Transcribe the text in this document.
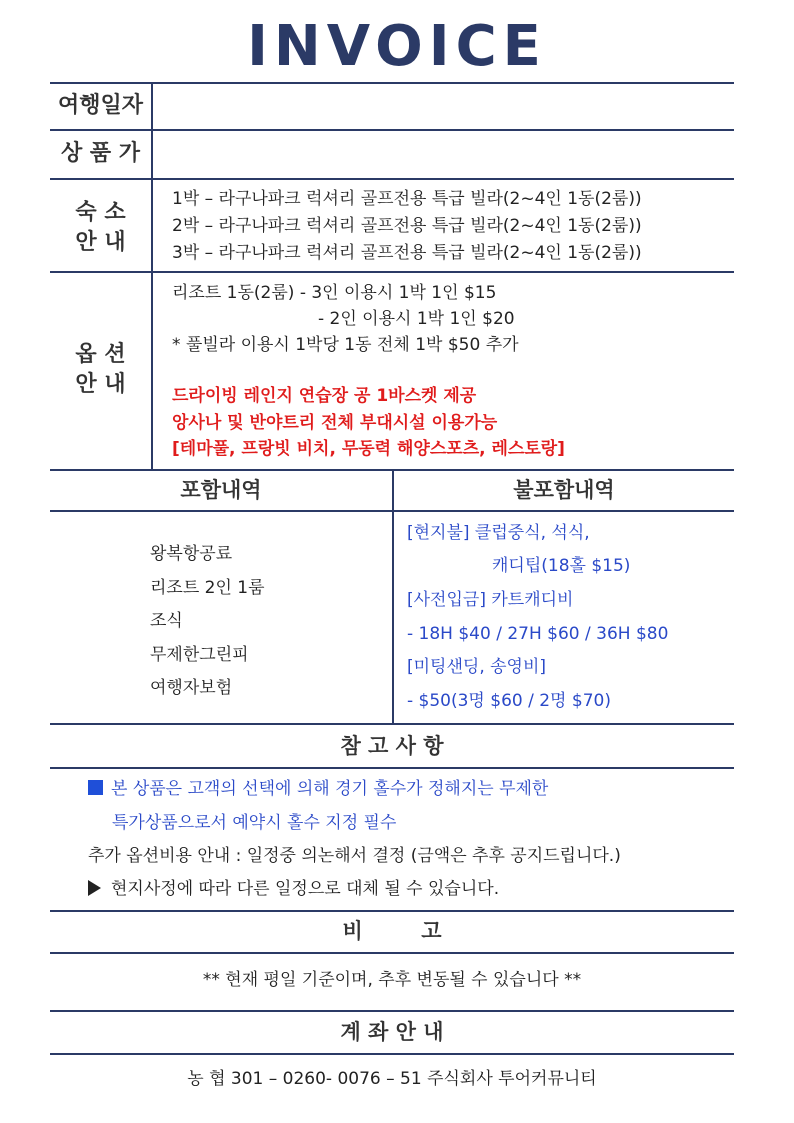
INVOICE
여행일자
상 품 가
숙 소
안 내
1박 – 라구나파크 럭셔리 골프전용 특급 빌라(2~4인 1동(2룸))
2박 – 라구나파크 럭셔리 골프전용 특급 빌라(2~4인 1동(2룸))
3박 – 라구나파크 럭셔리 골프전용 특급 빌라(2~4인 1동(2룸))
옵 션
안 내
리조트 1동(2룸) - 3인 이용시 1박 1인 $15
- 2인 이용시 1박 1인 $20
* 풀빌라 이용시 1박당 1동 전체 1박 $50 추가
드라이빙 레인지 연습장 공 1바스켓 제공
앙사나 및 반야트리 전체 부대시설 이용가능
[테마풀, 프랑빗 비치, 무동력 해양스포츠, 레스토랑]
포함내역	불포함내역
왕복항공료
리조트 2인 1룸
조식
무제한그린피
여행자보험
[현지불] 클럽중식, 석식,
캐디팁(18홀 $15)
[사전입금] 카트캐디비
- 18H $40 / 27H $60 / 36H $80
[미팅샌딩, 송영비]
- $50(3명 $60 / 2명 $70)
참 고 사 항
본 상품은 고객의 선택에 의해 경기 홀수가 정해지는 무제한
특가상품으로서 예약시 홀수 지정 필수
추가 옵션비용 안내 : 일정중 의논해서 결정 (금액은 추후 공지드립니다.)
현지사정에 따라 다른 일정으로 대체 될 수 있습니다.
비        고
** 현재 평일 기준이며, 추후 변동될 수 있습니다 **
계 좌 안 내
농 협 301 – 0260- 0076 – 51 주식회사 투어커뮤니티
